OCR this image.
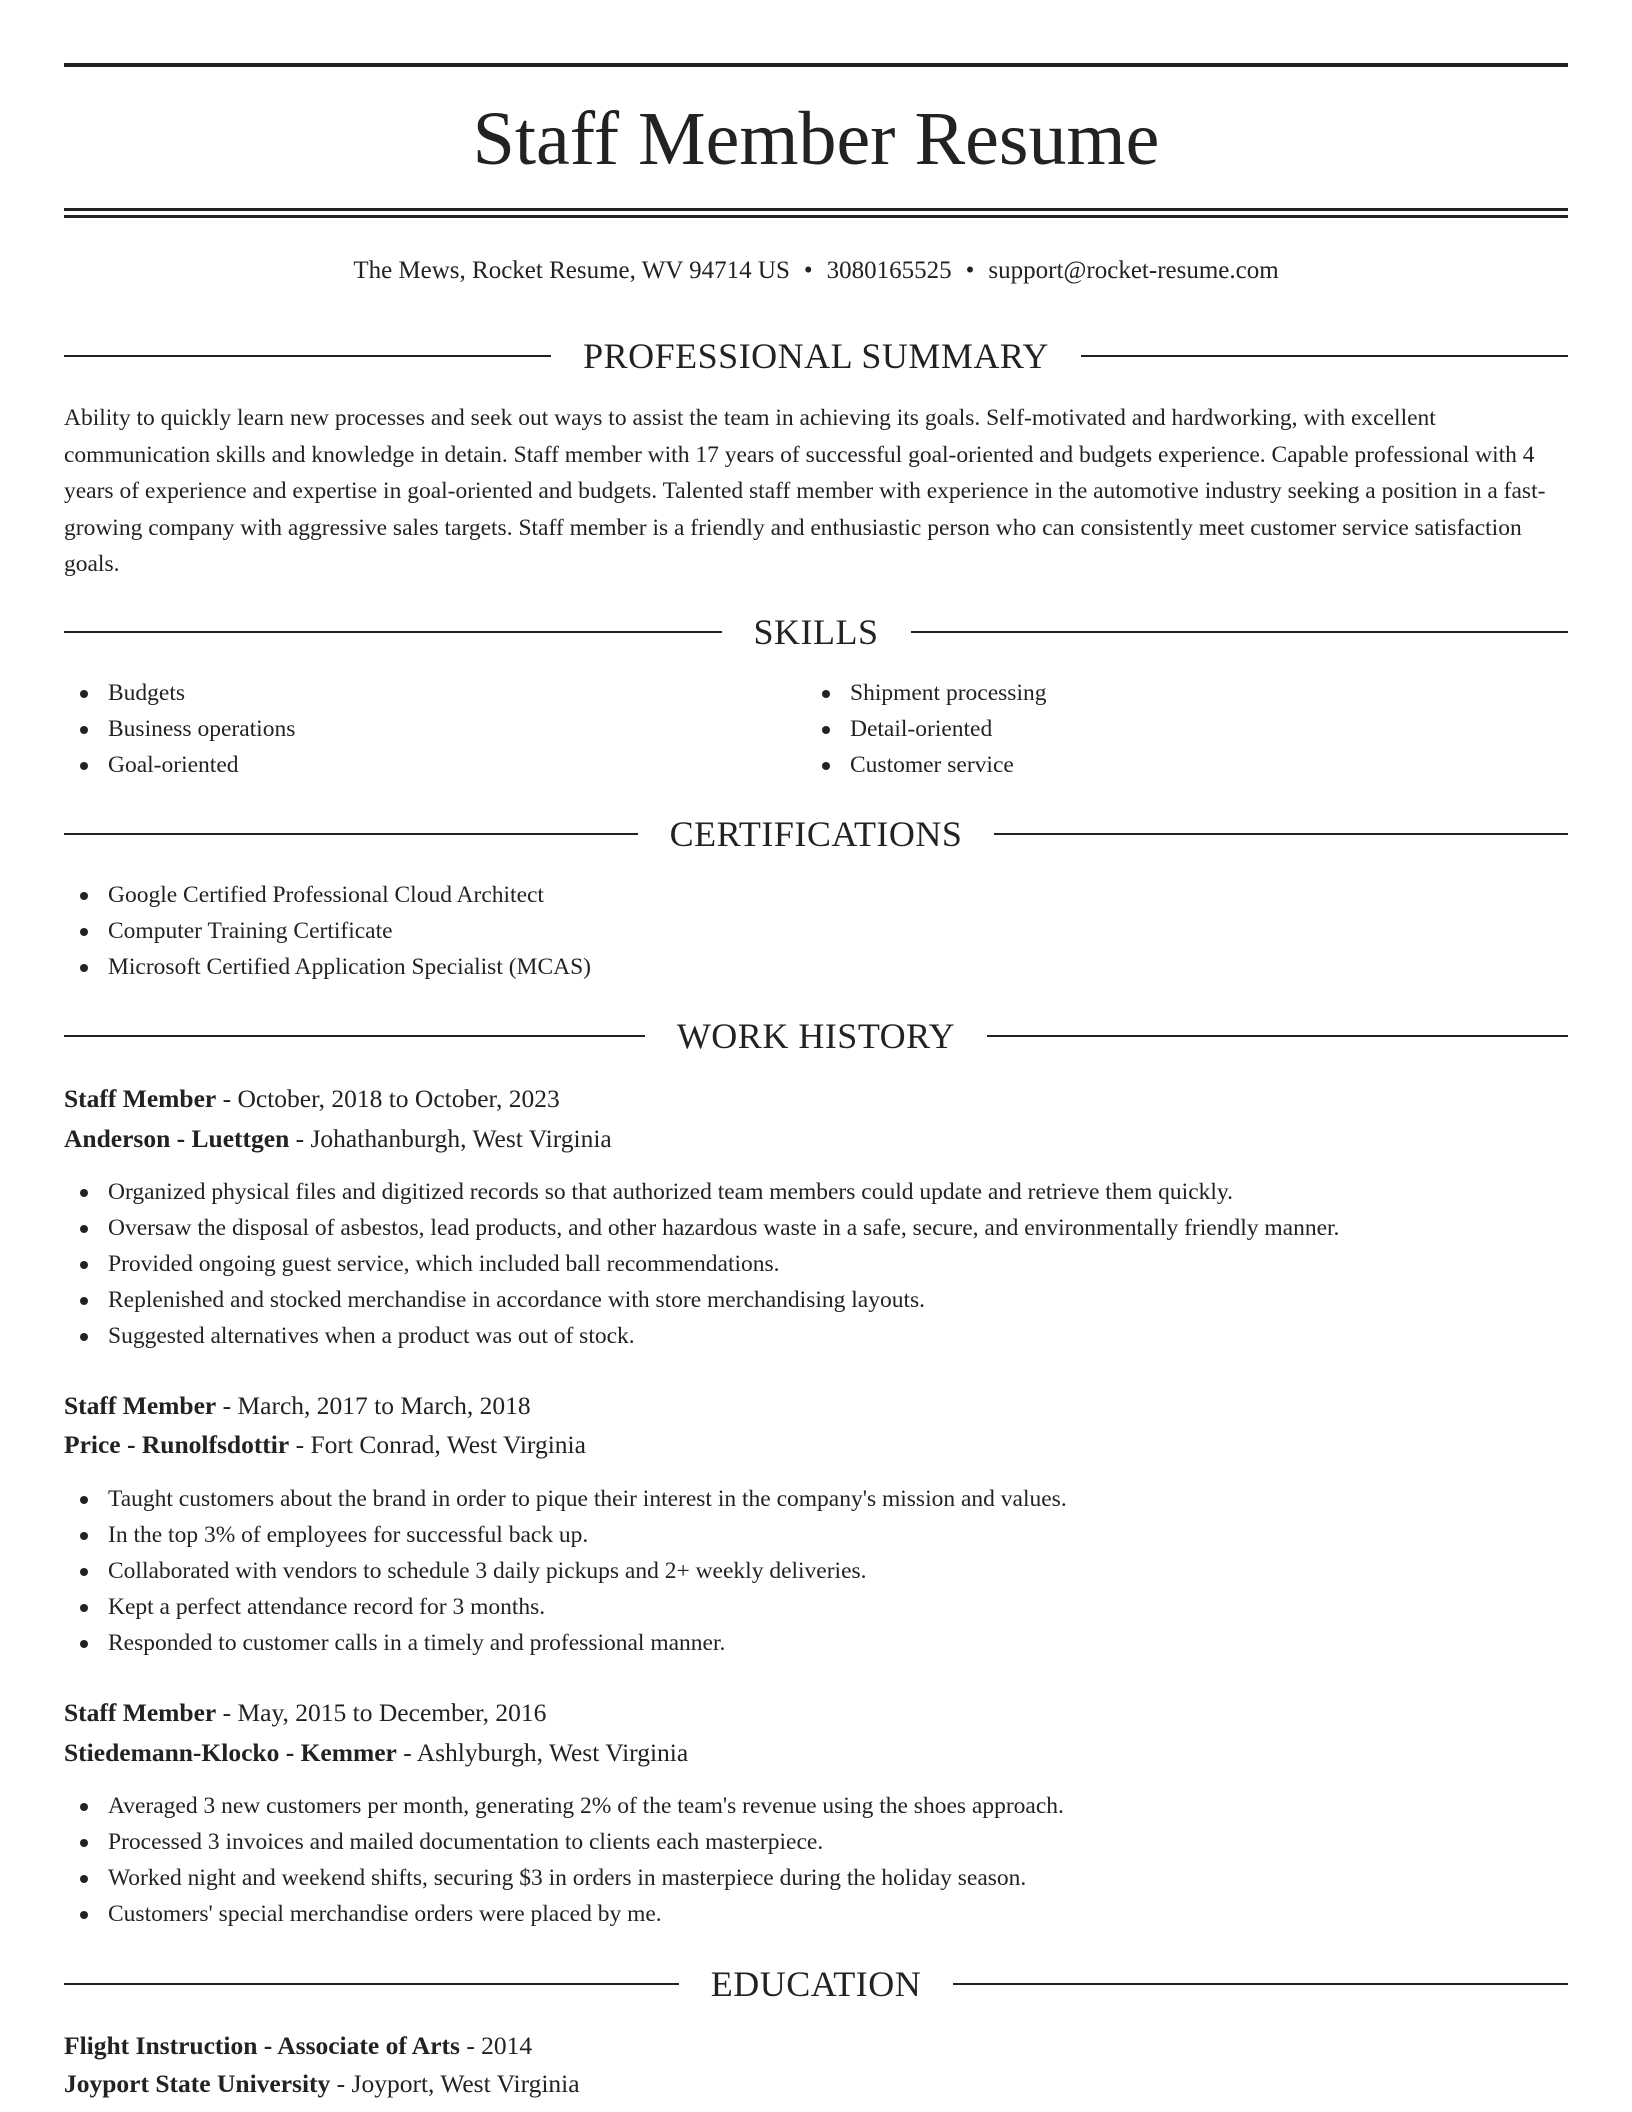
Staff Member Resume
The Mews, Rocket Resume, WV 94714 US • 3080165525 • support@rocket-resume.com
PROFESSIONAL SUMMARY

Ability to quickly learn new processes and seek out ways to assist the team in achieving its goals. Self-motivated and hardworking, with excellent communication skills and knowledge in detain. Staff member with 17 years of successful goal-oriented and budgets experience. Capable professional with 4 years of experience and expertise in goal-oriented and budgets. Talented staff member with experience in the automotive industry seeking a position in a fast-growing company with aggressive sales targets. Staff member is a friendly and enthusiastic person who can consistently meet customer service satisfaction goals.

SKILLS
Budgets
Business operations
Goal-oriented
Shipment processing
Detail-oriented
Customer service
CERTIFICATIONS
Google Certified Professional Cloud Architect
Computer Training Certificate
Microsoft Certified Application Specialist (MCAS)
WORK HISTORY
Staff Member - October, 2018 to October, 2023
Anderson - Luettgen - Johathanburgh, West Virginia
Organized physical files and digitized records so that authorized team members could update and retrieve them quickly.
Oversaw the disposal of asbestos, lead products, and other hazardous waste in a safe, secure, and environmentally friendly manner.
Provided ongoing guest service, which included ball recommendations.
Replenished and stocked merchandise in accordance with store merchandising layouts.
Suggested alternatives when a product was out of stock.
Staff Member - March, 2017 to March, 2018
Price - Runolfsdottir - Fort Conrad, West Virginia
Taught customers about the brand in order to pique their interest in the company's mission and values.
In the top 3% of employees for successful back up.
Collaborated with vendors to schedule 3 daily pickups and 2+ weekly deliveries.
Kept a perfect attendance record for 3 months.
Responded to customer calls in a timely and professional manner.
Staff Member - May, 2015 to December, 2016
Stiedemann-Klocko - Kemmer - Ashlyburgh, West Virginia
Averaged 3 new customers per month, generating 2% of the team's revenue using the shoes approach.
Processed 3 invoices and mailed documentation to clients each masterpiece.
Worked night and weekend shifts, securing $3 in orders in masterpiece during the holiday season.
Customers' special merchandise orders were placed by me.
EDUCATION
Flight Instruction - Associate of Arts - 2014
Joyport State University - Joyport, West Virginia
